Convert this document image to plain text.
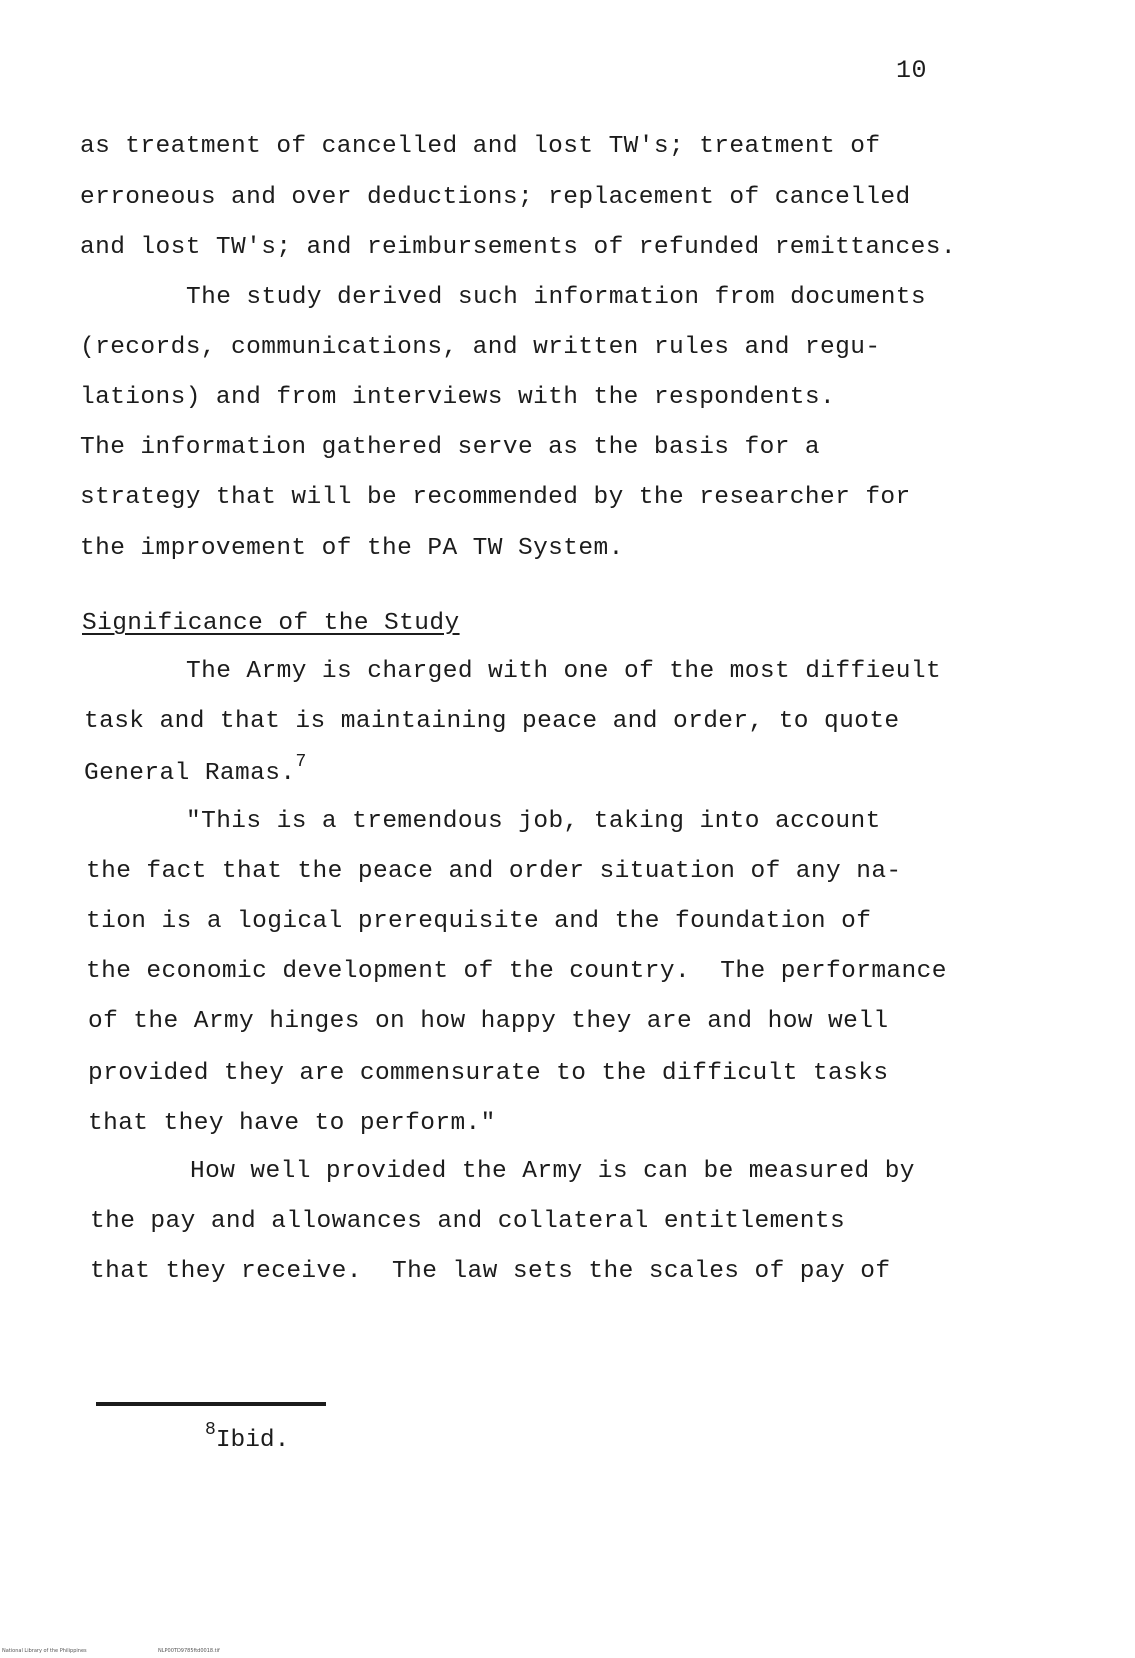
10
as treatment of cancelled and lost TW's; treatment of
erroneous and over deductions; replacement of cancelled
and lost TW's; and reimbursements of refunded remittances.
The study derived such information from documents
(records, communications, and written rules and regu-
lations) and from interviews with the respondents.
The information gathered serve as the basis for a
strategy that will be recommended by the researcher for
the improvement of the PA TW System.
Significance of the Study
The Army is charged with one of the most diffieult
task and that is maintaining peace and order, to quote
General Ramas.$^7$
"This is a tremendous job, taking into account
the fact that the peace and order situation of any na-
tion is a logical prerequisite and the foundation of
the economic development of the country.  The performance
of the Army hinges on how happy they are and how well
provided they are commensurate to the difficult tasks
that they have to perform."
How well provided the Army is can be measured by
the pay and allowances and collateral entitlements
that they receive.  The law sets the scales of pay of
$^8$Ibid.
National Library of the Philippines	NLP00TD9785ftd0018.tif
